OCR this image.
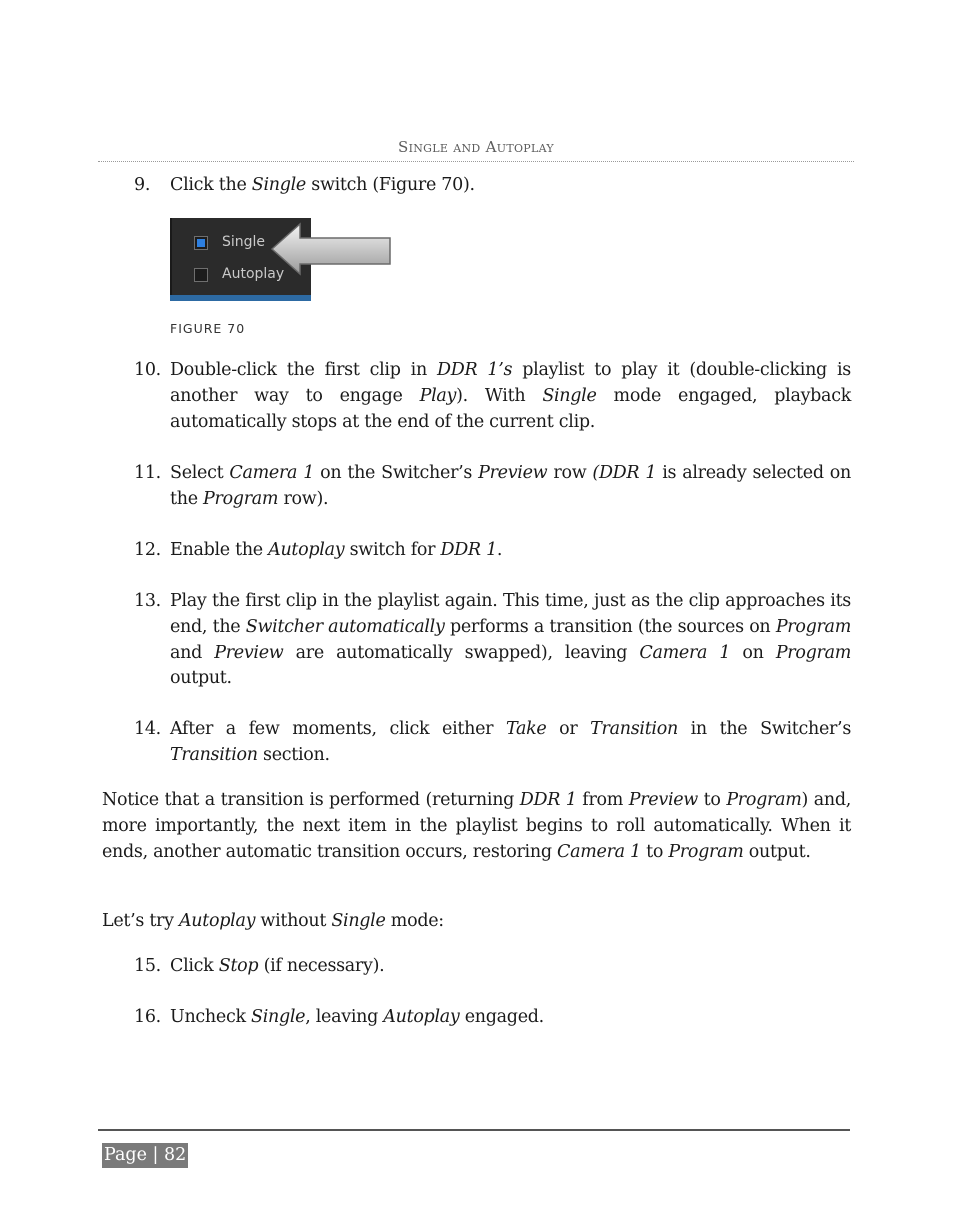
Single and Autoplay
9.	Click the Single switch (Figure 70).
Single
Autoplay
FIGURE 70
10. Double-click the first clip in DDR 1’s playlist to play it (double-clicking is another way to engage Play). With Single mode engaged, playback automatically stops at the end of the current clip.
11. Select Camera 1 on the Switcher’s Preview row (DDR 1 is already selected on the Program row).
12. Enable the Autoplay switch for DDR 1.
13. Play the first clip in the playlist again. This time, just as the clip approaches its end, the Switcher automatically performs a transition (the sources on Program and Preview are automatically swapped), leaving Camera 1 on Program output.
14. After a few moments, click either Take or Transition in the Switcher’s Transition section.
Notice that a transition is performed (returning DDR 1 from Preview to Program) and, more importantly, the next item in the playlist begins to roll automatically. When it ends, another automatic transition occurs, restoring Camera 1 to Program output.
Let’s try Autoplay without Single mode:
15. Click Stop (if necessary).
16. Uncheck Single, leaving Autoplay engaged.
Page | 82
